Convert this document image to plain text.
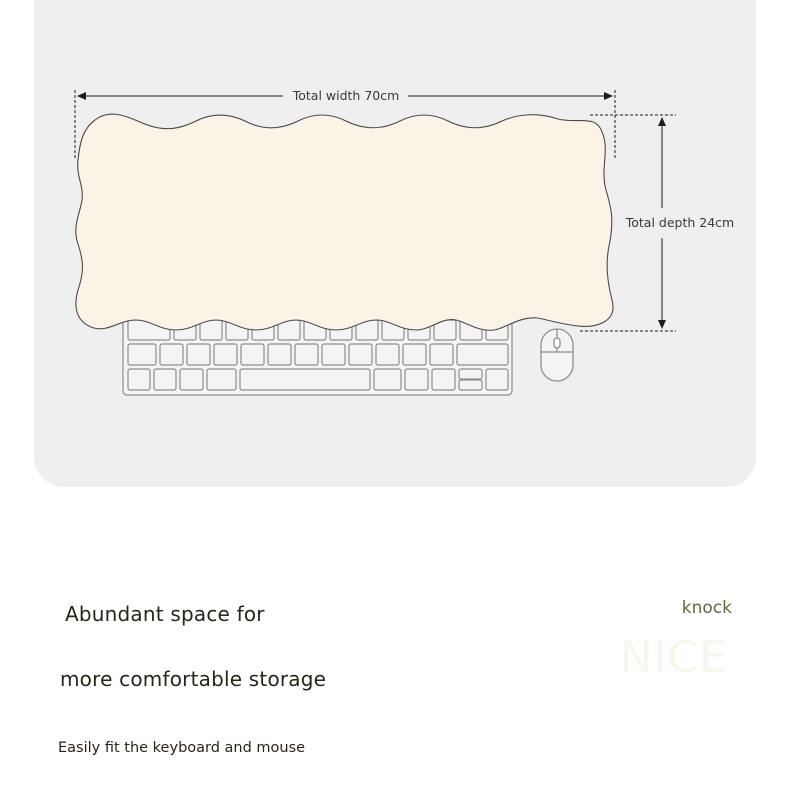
Total width 70cm
Total depth 24cm
Abundant space for
more comfortable storage
Easily fit the keyboard and mouse
knock
NICE
